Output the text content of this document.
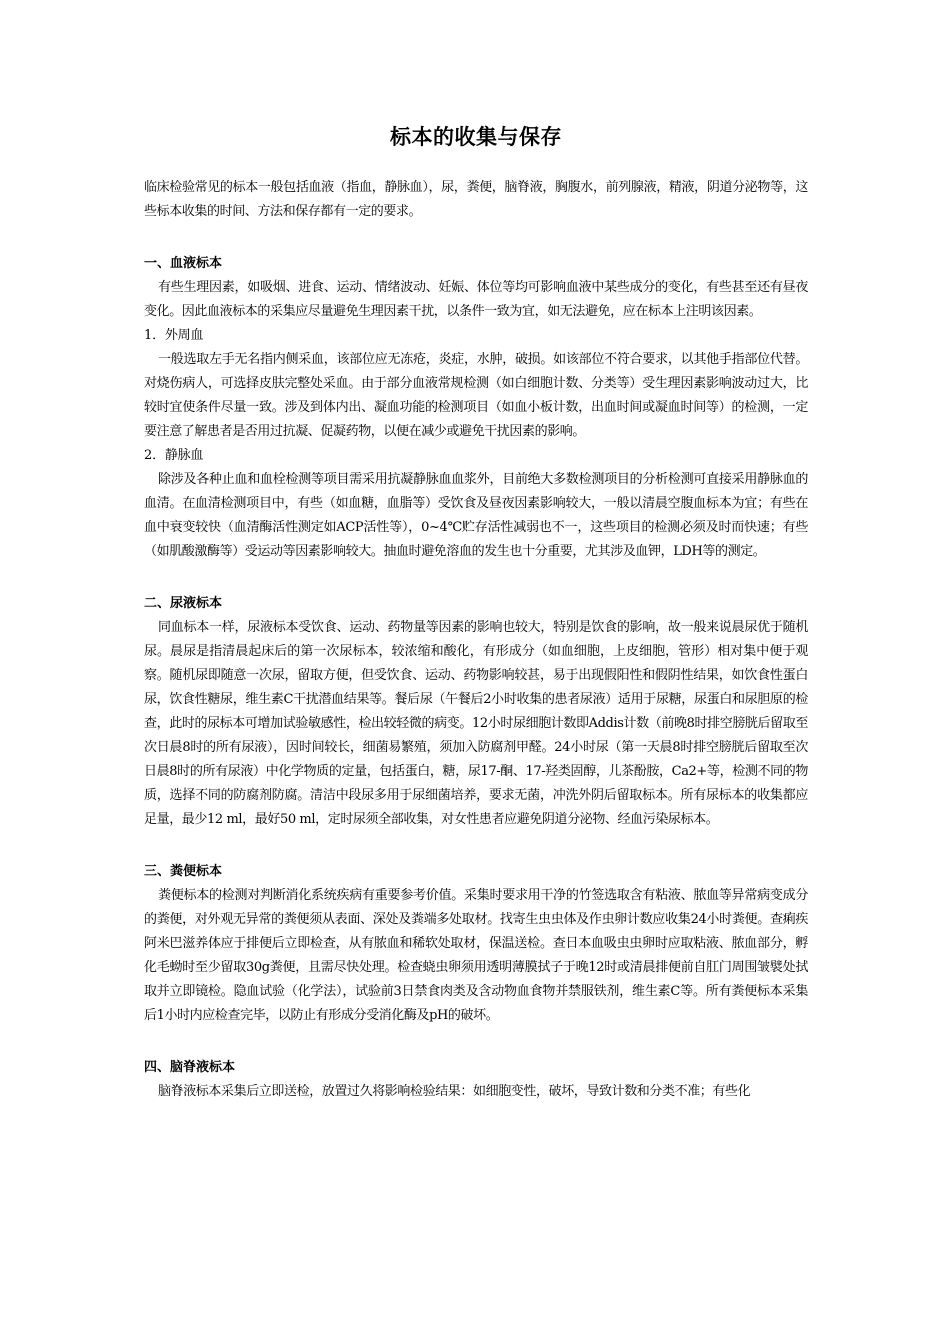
标本的收集与保存

临床检验常见的标本一般包括血液（指血，静脉血），尿，粪便，脑脊液，胸腹水，前列腺液，精液，阴道分泌物等，这些标本收集的时间、方法和保存都有一定的要求。

一、血液标本

有些生理因素，如吸烟、进食、运动、情绪波动、妊娠、体位等均可影响血液中某些成分的变化，有些甚至还有昼夜变化。因此血液标本的采集应尽量避免生理因素干扰，以条件一致为宜，如无法避免，应在标本上注明该因素。

1．外周血

一般选取左手无名指内侧采血，该部位应无冻疮，炎症，水肿，破损。如该部位不符合要求，以其他手指部位代替。对烧伤病人，可选择皮肤完整处采血。由于部分血液常规检测（如白细胞计数、分类等）受生理因素影响波动过大，比较时宜使条件尽量一致。涉及到体内出、凝血功能的检测项目（如血小板计数，出血时间或凝血时间等）的检测，一定要注意了解患者是否用过抗凝、促凝药物，以便在减少或避免干扰因素的影响。

2．静脉血

除涉及各种止血和血栓检测等项目需采用抗凝静脉血血浆外，目前绝大多数检测项目的分析检测可直接采用静脉血的血清。在血清检测项目中，有些（如血糖，血脂等）受饮食及昼夜因素影响较大，一般以清晨空腹血标本为宜；有些在血中衰变较快（血清酶活性测定如ACP活性等），0~4℃贮存活性减弱也不一，这些项目的检测必须及时而快速；有些（如肌酸激酶等）受运动等因素影响较大。抽血时避免溶血的发生也十分重要，尤其涉及血钾，LDH等的测定。

二、尿液标本

同血标本一样，尿液标本受饮食、运动、药物量等因素的影响也较大，特别是饮食的影响，故一般来说晨尿优于随机尿。晨尿是指清晨起床后的第一次尿标本，较浓缩和酸化，有形成分（如血细胞，上皮细胞，管形）相对集中便于观察。随机尿即随意一次尿，留取方便，但受饮食、运动、药物影响较甚，易于出现假阳性和假阴性结果，如饮食性蛋白尿，饮食性糖尿，维生素C干扰潜血结果等。餐后尿（午餐后2小时收集的患者尿液）适用于尿糖，尿蛋白和尿胆原的检查，此时的尿标本可增加试验敏感性，检出较轻微的病变。12小时尿细胞计数即Addis计数（前晚8时排空膀胱后留取至次日晨8时的所有尿液），因时间较长，细菌易繁殖，须加入防腐剂甲醛。24小时尿（第一天晨8时排空膀胱后留取至次日晨8时的所有尿液）中化学物质的定量，包括蛋白，糖，尿17-酮、17-羟类固醇，儿茶酚胺，Ca2+等，检测不同的物质，选择不同的防腐剂防腐。清洁中段尿多用于尿细菌培养，要求无菌，冲洗外阴后留取标本。所有尿标本的收集都应足量，最少12 ml，最好50 ml，定时尿须全部收集，对女性患者应避免阴道分泌物、经血污染尿标本。

三、粪便标本

粪便标本的检测对判断消化系统疾病有重要参考价值。采集时要求用干净的竹签选取含有粘液、脓血等异常病变成分的粪便，对外观无异常的粪便须从表面、深处及粪端多处取材。找寄生虫虫体及作虫卵计数应收集24小时粪便。查痢疾阿米巴滋养体应于排便后立即检查，从有脓血和稀软处取材，保温送检。查日本血吸虫虫卵时应取粘液、脓血部分，孵化毛蚴时至少留取30g粪便，且需尽快处理。检查蛲虫卵须用透明薄膜拭子于晚12时或清晨排便前自肛门周围皱襞处拭取并立即镜检。隐血试验（化学法），试验前3日禁食肉类及含动物血食物并禁服铁剂，维生素C等。所有粪便标本采集后1小时内应检查完毕，以防止有形成分受消化酶及pH的破坏。

四、脑脊液标本

脑脊液标本采集后立即送检，放置过久将影响检验结果：如细胞变性，破坏，导致计数和分类不准；有些化
